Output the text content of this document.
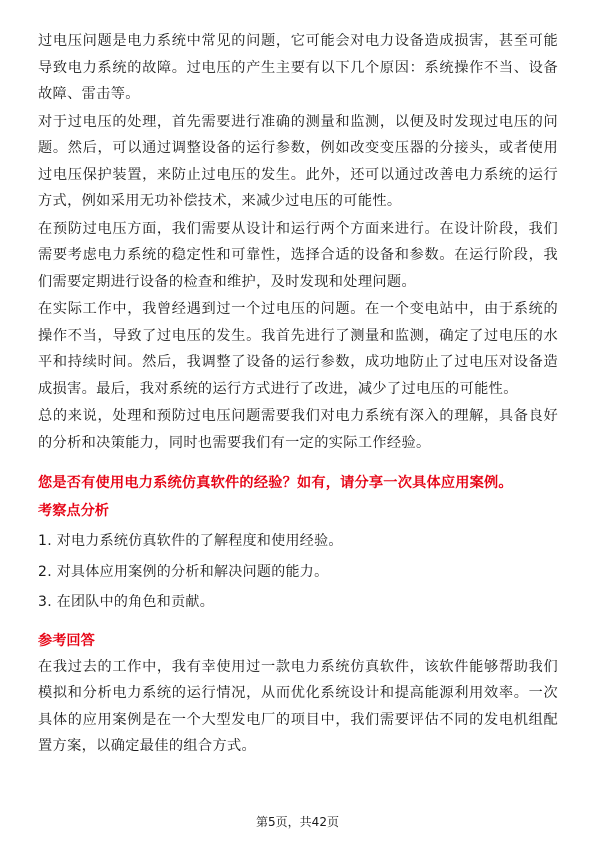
过电压问题是电力系统中常见的问题，它可能会对电力设备造成损害，甚至可能导致电力系统的故障。过电压的产生主要有以下几个原因：系统操作不当、设备故障、雷击等。

对于过电压的处理，首先需要进行准确的测量和监测，以便及时发现过电压的问题。然后，可以通过调整设备的运行参数，例如改变变压器的分接头，或者使用过电压保护装置，来防止过电压的发生。此外，还可以通过改善电力系统的运行方式，例如采用无功补偿技术，来减少过电压的可能性。

在预防过电压方面，我们需要从设计和运行两个方面来进行。在设计阶段，我们需要考虑电力系统的稳定性和可靠性，选择合适的设备和参数。在运行阶段，我们需要定期进行设备的检查和维护，及时发现和处理问题。

在实际工作中，我曾经遇到过一个过电压的问题。在一个变电站中，由于系统的操作不当，导致了过电压的发生。我首先进行了测量和监测，确定了过电压的水平和持续时间。然后，我调整了设备的运行参数，成功地防止了过电压对设备造成损害。最后，我对系统的运行方式进行了改进，减少了过电压的可能性。

总的来说，处理和预防过电压问题需要我们对电力系统有深入的理解，具备良好的分析和决策能力，同时也需要我们有一定的实际工作经验。

您是否有使用电力系统仿真软件的经验？如有，请分享一次具体应用案例。

考察点分析

1. 对电力系统仿真软件的了解程度和使用经验。
2. 对具体应用案例的分析和解决问题的能力。
3. 在团队中的角色和贡献。

参考回答

在我过去的工作中，我有幸使用过一款电力系统仿真软件，该软件能够帮助我们模拟和分析电力系统的运行情况，从而优化系统设计和提高能源利用效率。一次具体的应用案例是在一个大型发电厂的项目中，我们需要评估不同的发电机组配置方案，以确定最佳的组合方式。

第5页，共42页
